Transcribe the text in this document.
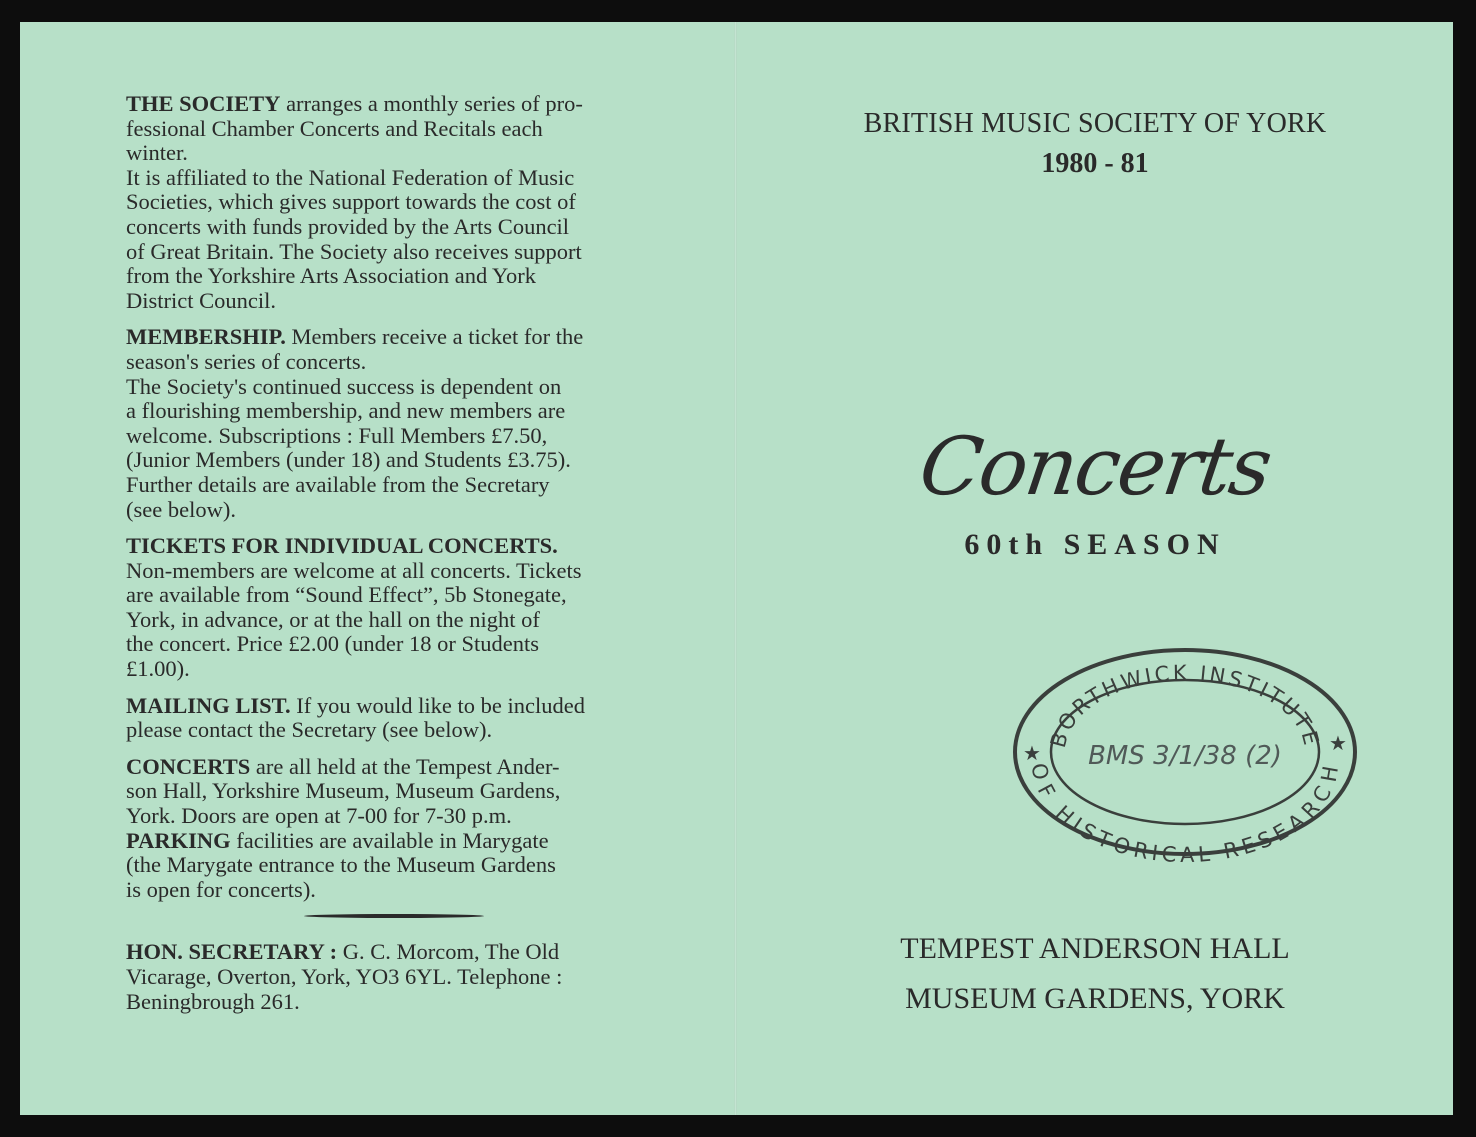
THE SOCIETY arranges a monthly series of pro-
fessional Chamber Concerts and Recitals each
winter.
It is affiliated to the National Federation of Music
Societies, which gives support towards the cost of
concerts with funds provided by the Arts Council
of Great Britain. The Society also receives support
from the Yorkshire Arts Association and York
District Council.
MEMBERSHIP. Members receive a ticket for the
season's series of concerts.
The Society's continued success is dependent on
a flourishing membership, and new members are
welcome. Subscriptions : Full Members £7.50,
(Junior Members (under 18) and Students £3.75).
Further details are available from the Secretary
(see below).
TICKETS FOR INDIVIDUAL CONCERTS.
Non-members are welcome at all concerts. Tickets
are available from “Sound Effect”, 5b Stonegate,
York, in advance, or at the hall on the night of
the concert. Price £2.00 (under 18 or Students
£1.00).
MAILING LIST. If you would like to be included
please contact the Secretary (see below).
CONCERTS are all held at the Tempest Ander-
son Hall, Yorkshire Museum, Museum Gardens,
York. Doors are open at 7-00 for 7-30 p.m.
PARKING facilities are available in Marygate
(the Marygate entrance to the Museum Gardens
is open for concerts).
HON. SECRETARY : G. C. Morcom, The Old
Vicarage, Overton, York, YO3 6YL. Telephone :
Beningbrough 261.
BRITISH MUSIC SOCIETY OF YORK
1980 - 81
Concerts
60th SEASON
BORTHWICK INSTITUTE
OF HISTORICAL RESEARCH
★	★
BMS 3/1/38 (2)
TEMPEST ANDERSON HALL
MUSEUM GARDENS, YORK
